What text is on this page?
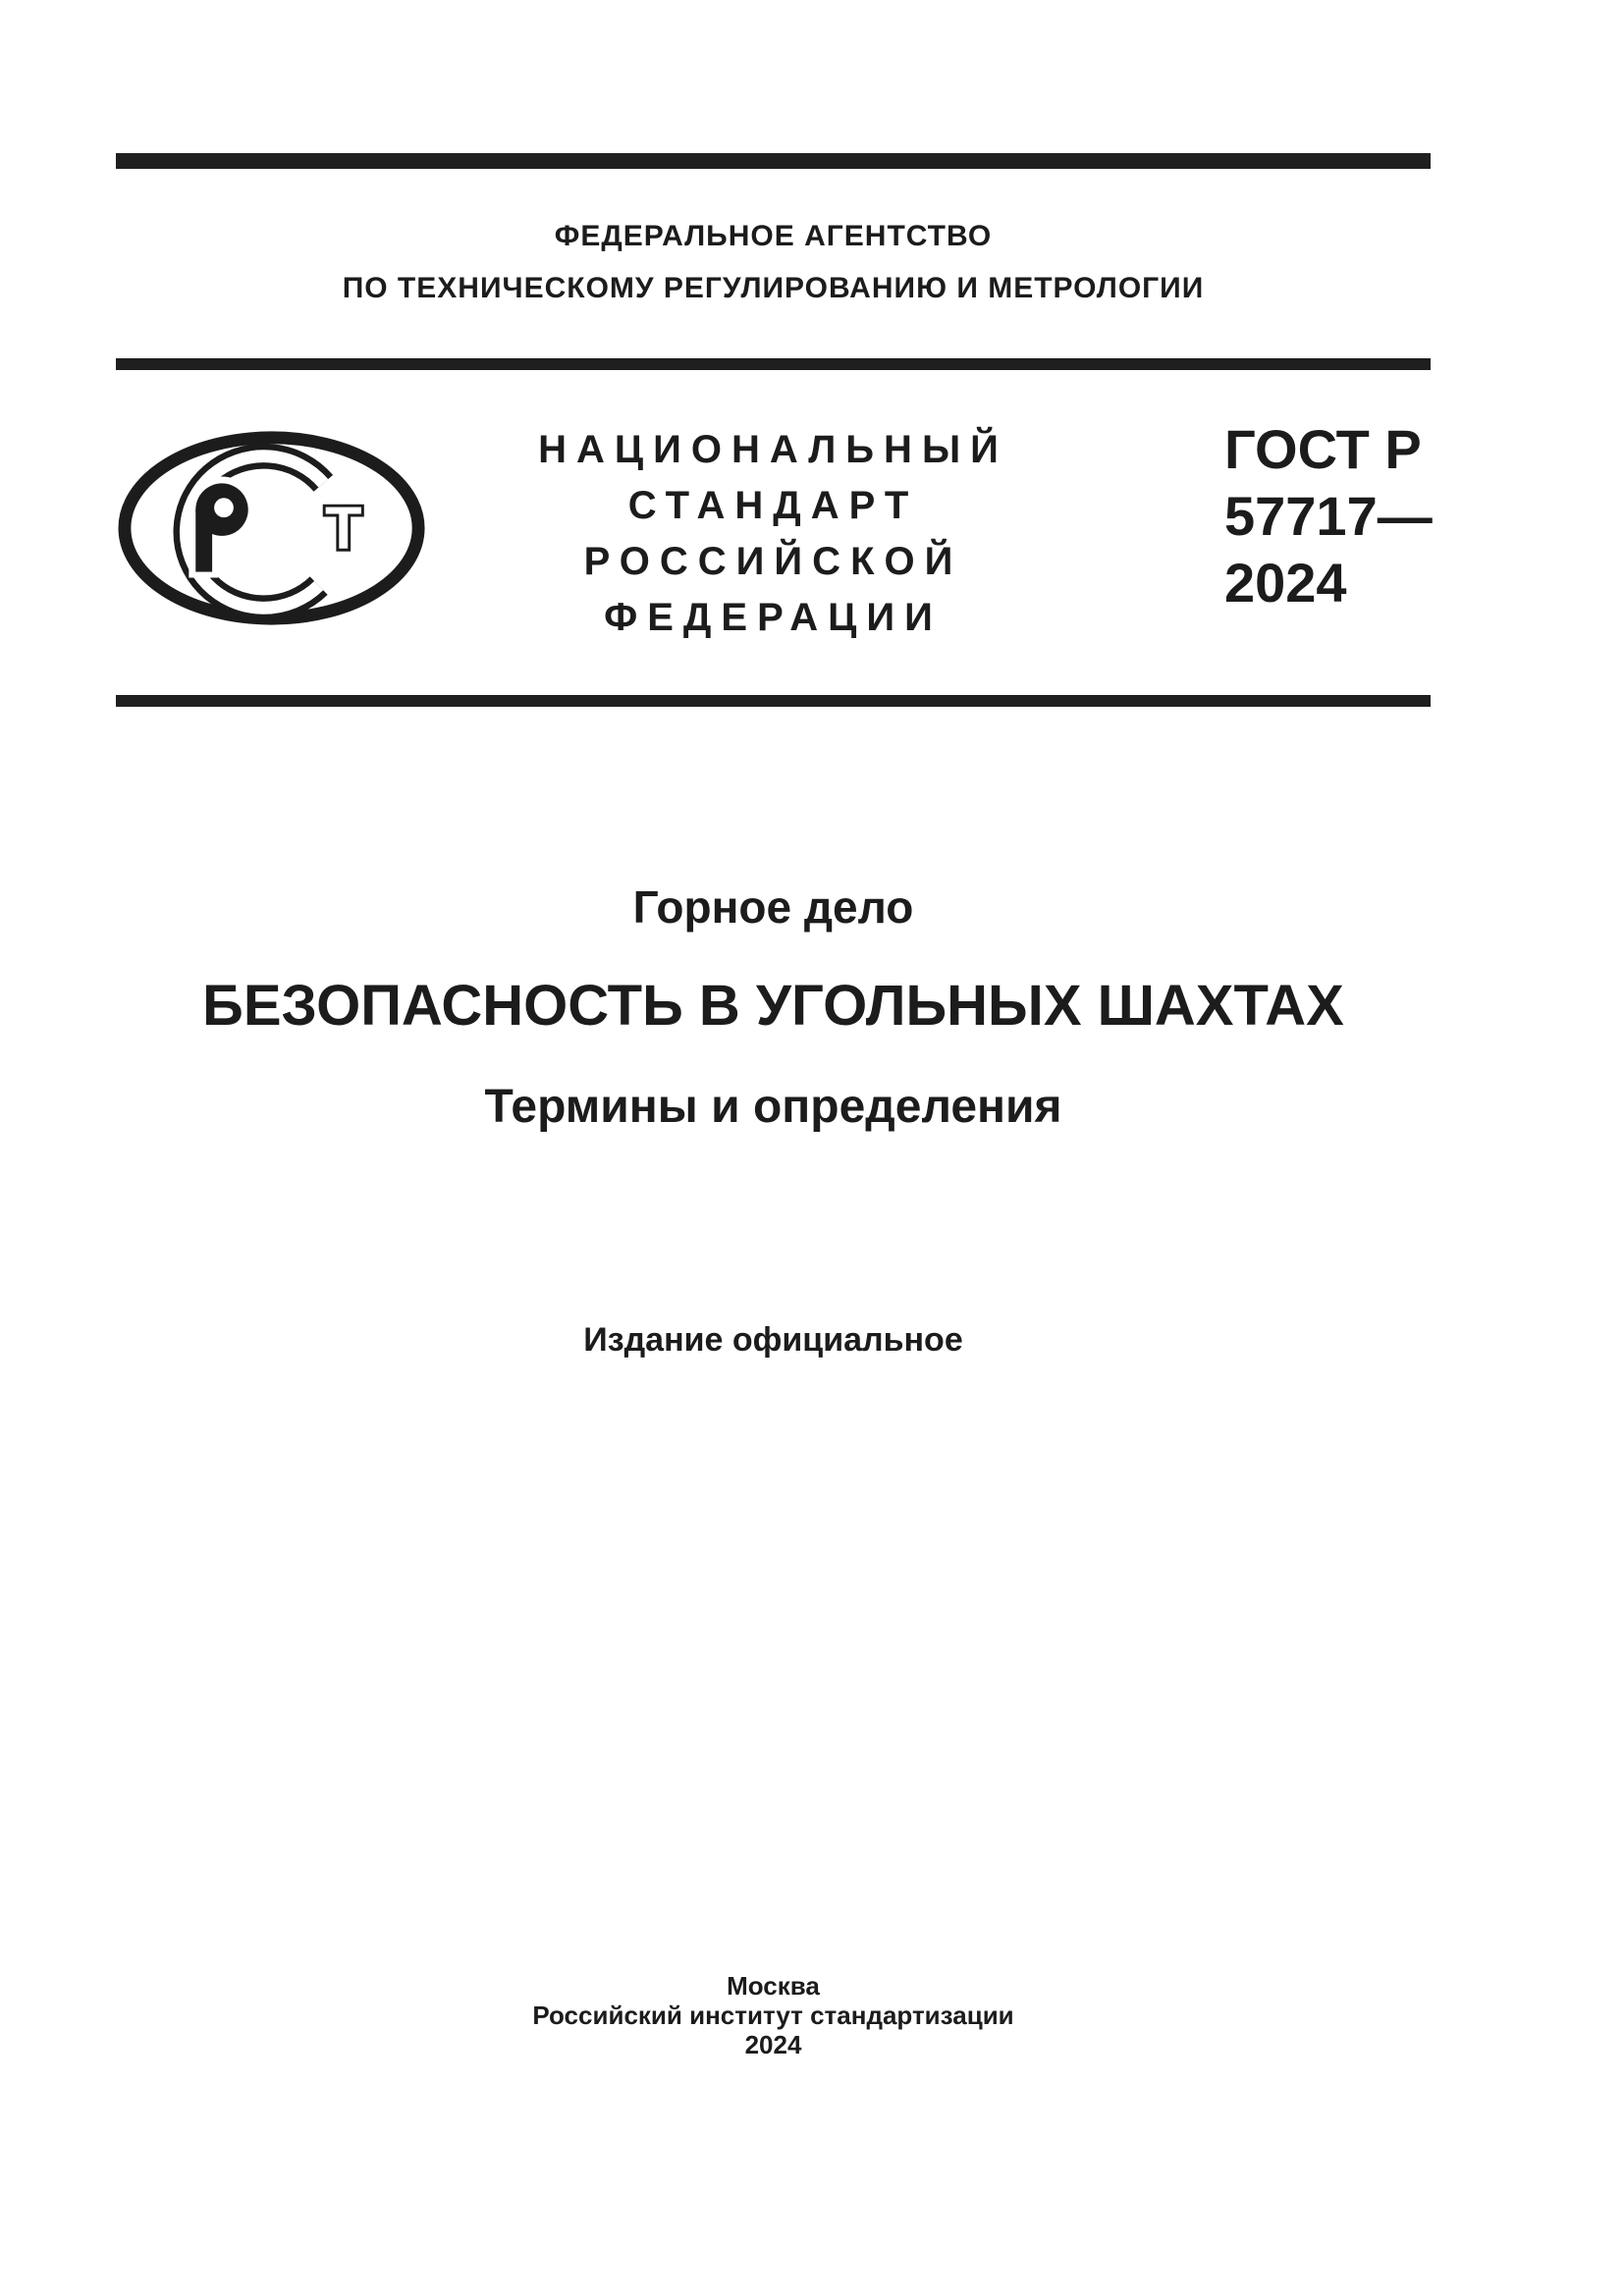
ФЕДЕРАЛЬНОЕ АГЕНТСТВО
ПО ТЕХНИЧЕСКОМУ РЕГУЛИРОВАНИЮ И МЕТРОЛОГИИ
Т
НАЦИОНАЛЬНЫЙ
СТАНДАРТ
РОССИЙСКОЙ
ФЕДЕРАЦИИ
ГОСТ Р
57717—
2024
Горное дело
БЕЗОПАСНОСТЬ В УГОЛЬНЫХ ШАХТАХ
Термины и определения
Издание официальное
Москва
Российский институт стандартизации
2024
